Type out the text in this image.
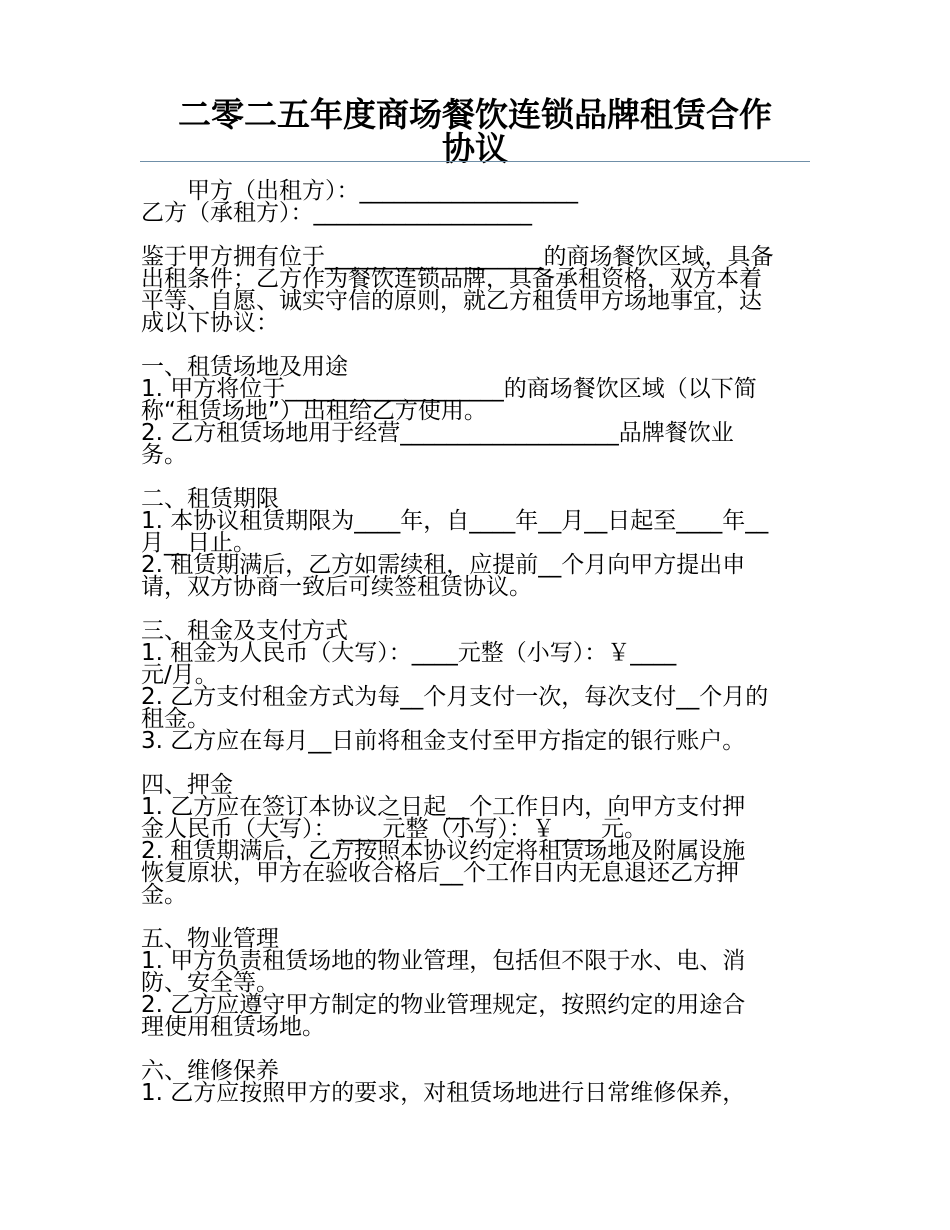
二零二五年度商场餐饮连锁品牌租赁合作
协议
甲方（出租方）：___________________
乙方（承租方）：___________________
鉴于甲方拥有位于___________________的商场餐饮区域，具备
出租条件；乙方作为餐饮连锁品牌，具备承租资格，双方本着
平等、自愿、诚实守信的原则，就乙方租赁甲方场地事宜，达
成以下协议：
一、租赁场地及用途
1. 甲方将位于___________________的商场餐饮区域（以下简
称“租赁场地”）出租给乙方使用。
2. 乙方租赁场地用于经营___________________品牌餐饮业
务。
二、租赁期限
1. 本协议租赁期限为____年，自____年__月__日起至____年__
月__日止。
2. 租赁期满后，乙方如需续租，应提前__个月向甲方提出申
请，双方协商一致后可续签租赁协议。
三、租金及支付方式
1. 租金为人民币（大写）：____元整（小写）：￥____
元/月。
2. 乙方支付租金方式为每__个月支付一次，每次支付__个月的
租金。
3. 乙方应在每月__日前将租金支付至甲方指定的银行账户。
四、押金
1. 乙方应在签订本协议之日起__个工作日内，向甲方支付押
金人民币（大写）：____元整（小写）：￥____元。
2. 租赁期满后，乙方按照本协议约定将租赁场地及附属设施
恢复原状，甲方在验收合格后__个工作日内无息退还乙方押
金。
五、物业管理
1. 甲方负责租赁场地的物业管理，包括但不限于水、电、消
防、安全等。
2. 乙方应遵守甲方制定的物业管理规定，按照约定的用途合
理使用租赁场地。
六、维修保养
1. 乙方应按照甲方的要求，对租赁场地进行日常维修保养，
